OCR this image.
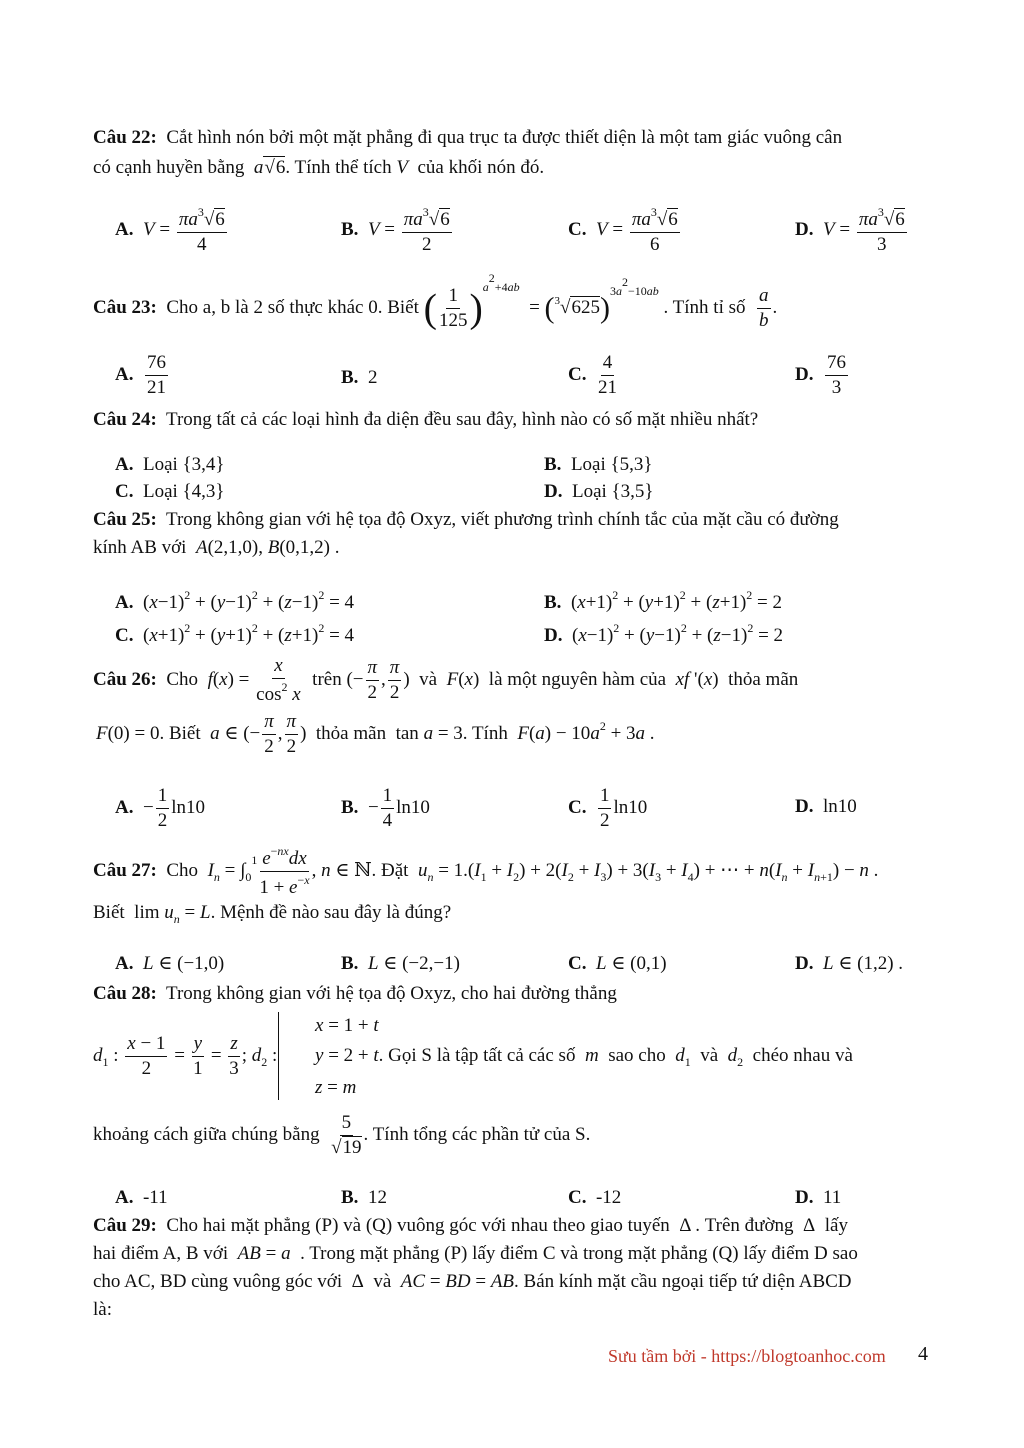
Câu 22: Cắt hình nón bởi một mặt phẳng đi qua trục ta được thiết diện là một tam giác vuông cân
có cạnh huyền bằng a√6. Tính thể tích V của khối nón đó.
A. $V = \frac{\pi a^3√6}{4}$	B. $V = \frac{\pi a^3√6}{2}$	C. $V = \frac{\pi a^3√6}{6}$	D. $V = \frac{\pi a^3√6}{3}$
Câu 23: Cho a, b là 2 số thực khác 0. Biết ( $\frac{1}{125} )^{a^2+4ab} = (^3√625)^{3a^2-10ab}$ . Tính tỉ số $\frac{a}{b}$ .
A. $\frac{76}{21}$	B. 2	C. $\frac{4}{21}$	D. $\frac{76}{3}$
Câu 24: Trong tất cả các loại hình đa diện đều sau đây, hình nào có số mặt nhiều nhất?
A. Loại {3,4}	B. Loại {5,3}
C. Loại {4,3}	D. Loại {3,5}
Câu 25: Trong không gian với hệ tọa độ Oxyz, viết phương trình chính tắc của mặt cầu có đường
kính AB với A(2,1,0), B(0,1,2) .
A.  $(x-1)^2 + (y-1)^2 + (z-1)^2 = 4$	B.  $(x+1)^2 + (y+1)^2 + (z+1)^2 = 2$
C.  $(x+1)^2 + (y+1)^2 + (z+1)^2 = 4$	D.  $(x-1)^2 + (y-1)^2 + (z-1)^2 = 2$
Câu 26: Cho $f(x) = \frac{x}{\cos^2 x}$ trên (− $\frac{\pi}{2}$ , $\frac{\pi}{2}$ )  và F(x)  là một nguyên hàm của xf '(x)  thỏa mãn
F(0) = 0. Biết a ∈ (− $\frac{\pi}{2}$ , $\frac{\pi}{2}$ )  thỏa mãn  tan a = 3. Tính $F(a) - 10a^2 + 3a$ .
A.  − $\frac{1}{2} \ln 10$	B.  − $\frac{1}{4} \ln 10$	C. $\frac{1}{2} \ln 10$	D.  ln10
Câu 27: Cho $I_n = \int_0^1 \frac{e^{-nx}dx}{1 + e^{-x}}$ , n ∈ ℕ. Đặt $u_n = 1.(I_1 + I_2) + 2(I_2 + I_3) + 3(I_3 + I_4)$ + ⋯ + $n(I_n + I_{n+1}) - n$ .
Biết  $\lim u_n = L$. Mệnh đề nào sau đây là đúng?
A. L ∈ (−1,0)	B. L ∈ (−2,−1)	C. L ∈ (0,1)	D. L ∈ (1,2) .
Câu 28: Trong không gian với hệ tọa độ Oxyz, cho hai đường thẳng
$d_1$ : $\frac{x - 1}{2} = \frac{y}{1} = \frac{z}{3}$ ; $d_2$ :
x = 1 + t
y = 2 + t. Gọi S là tập tất cả các số m sao cho $d_1$ và $d_2$ chéo nhau và
z = m
khoảng cách giữa chúng bằng $\frac{5}{√19}$ . Tính tổng các phần tử của S.
A. -11	B. 12	C. -12	D. 11
Câu 29: Cho hai mặt phẳng (P) và (Q) vuông góc với nhau theo giao tuyến  Δ . Trên đường  Δ  lấy
hai điểm A, B với AB = a . Trong mặt phẳng (P) lấy điểm C và trong mặt phẳng (Q) lấy điểm D sao
cho AC, BD cùng vuông góc với  Δ  và AC = BD = AB. Bán kính mặt cầu ngoại tiếp tứ diện ABCD
là:
Sưu tầm bởi - https://blogtoanhoc.com 4
